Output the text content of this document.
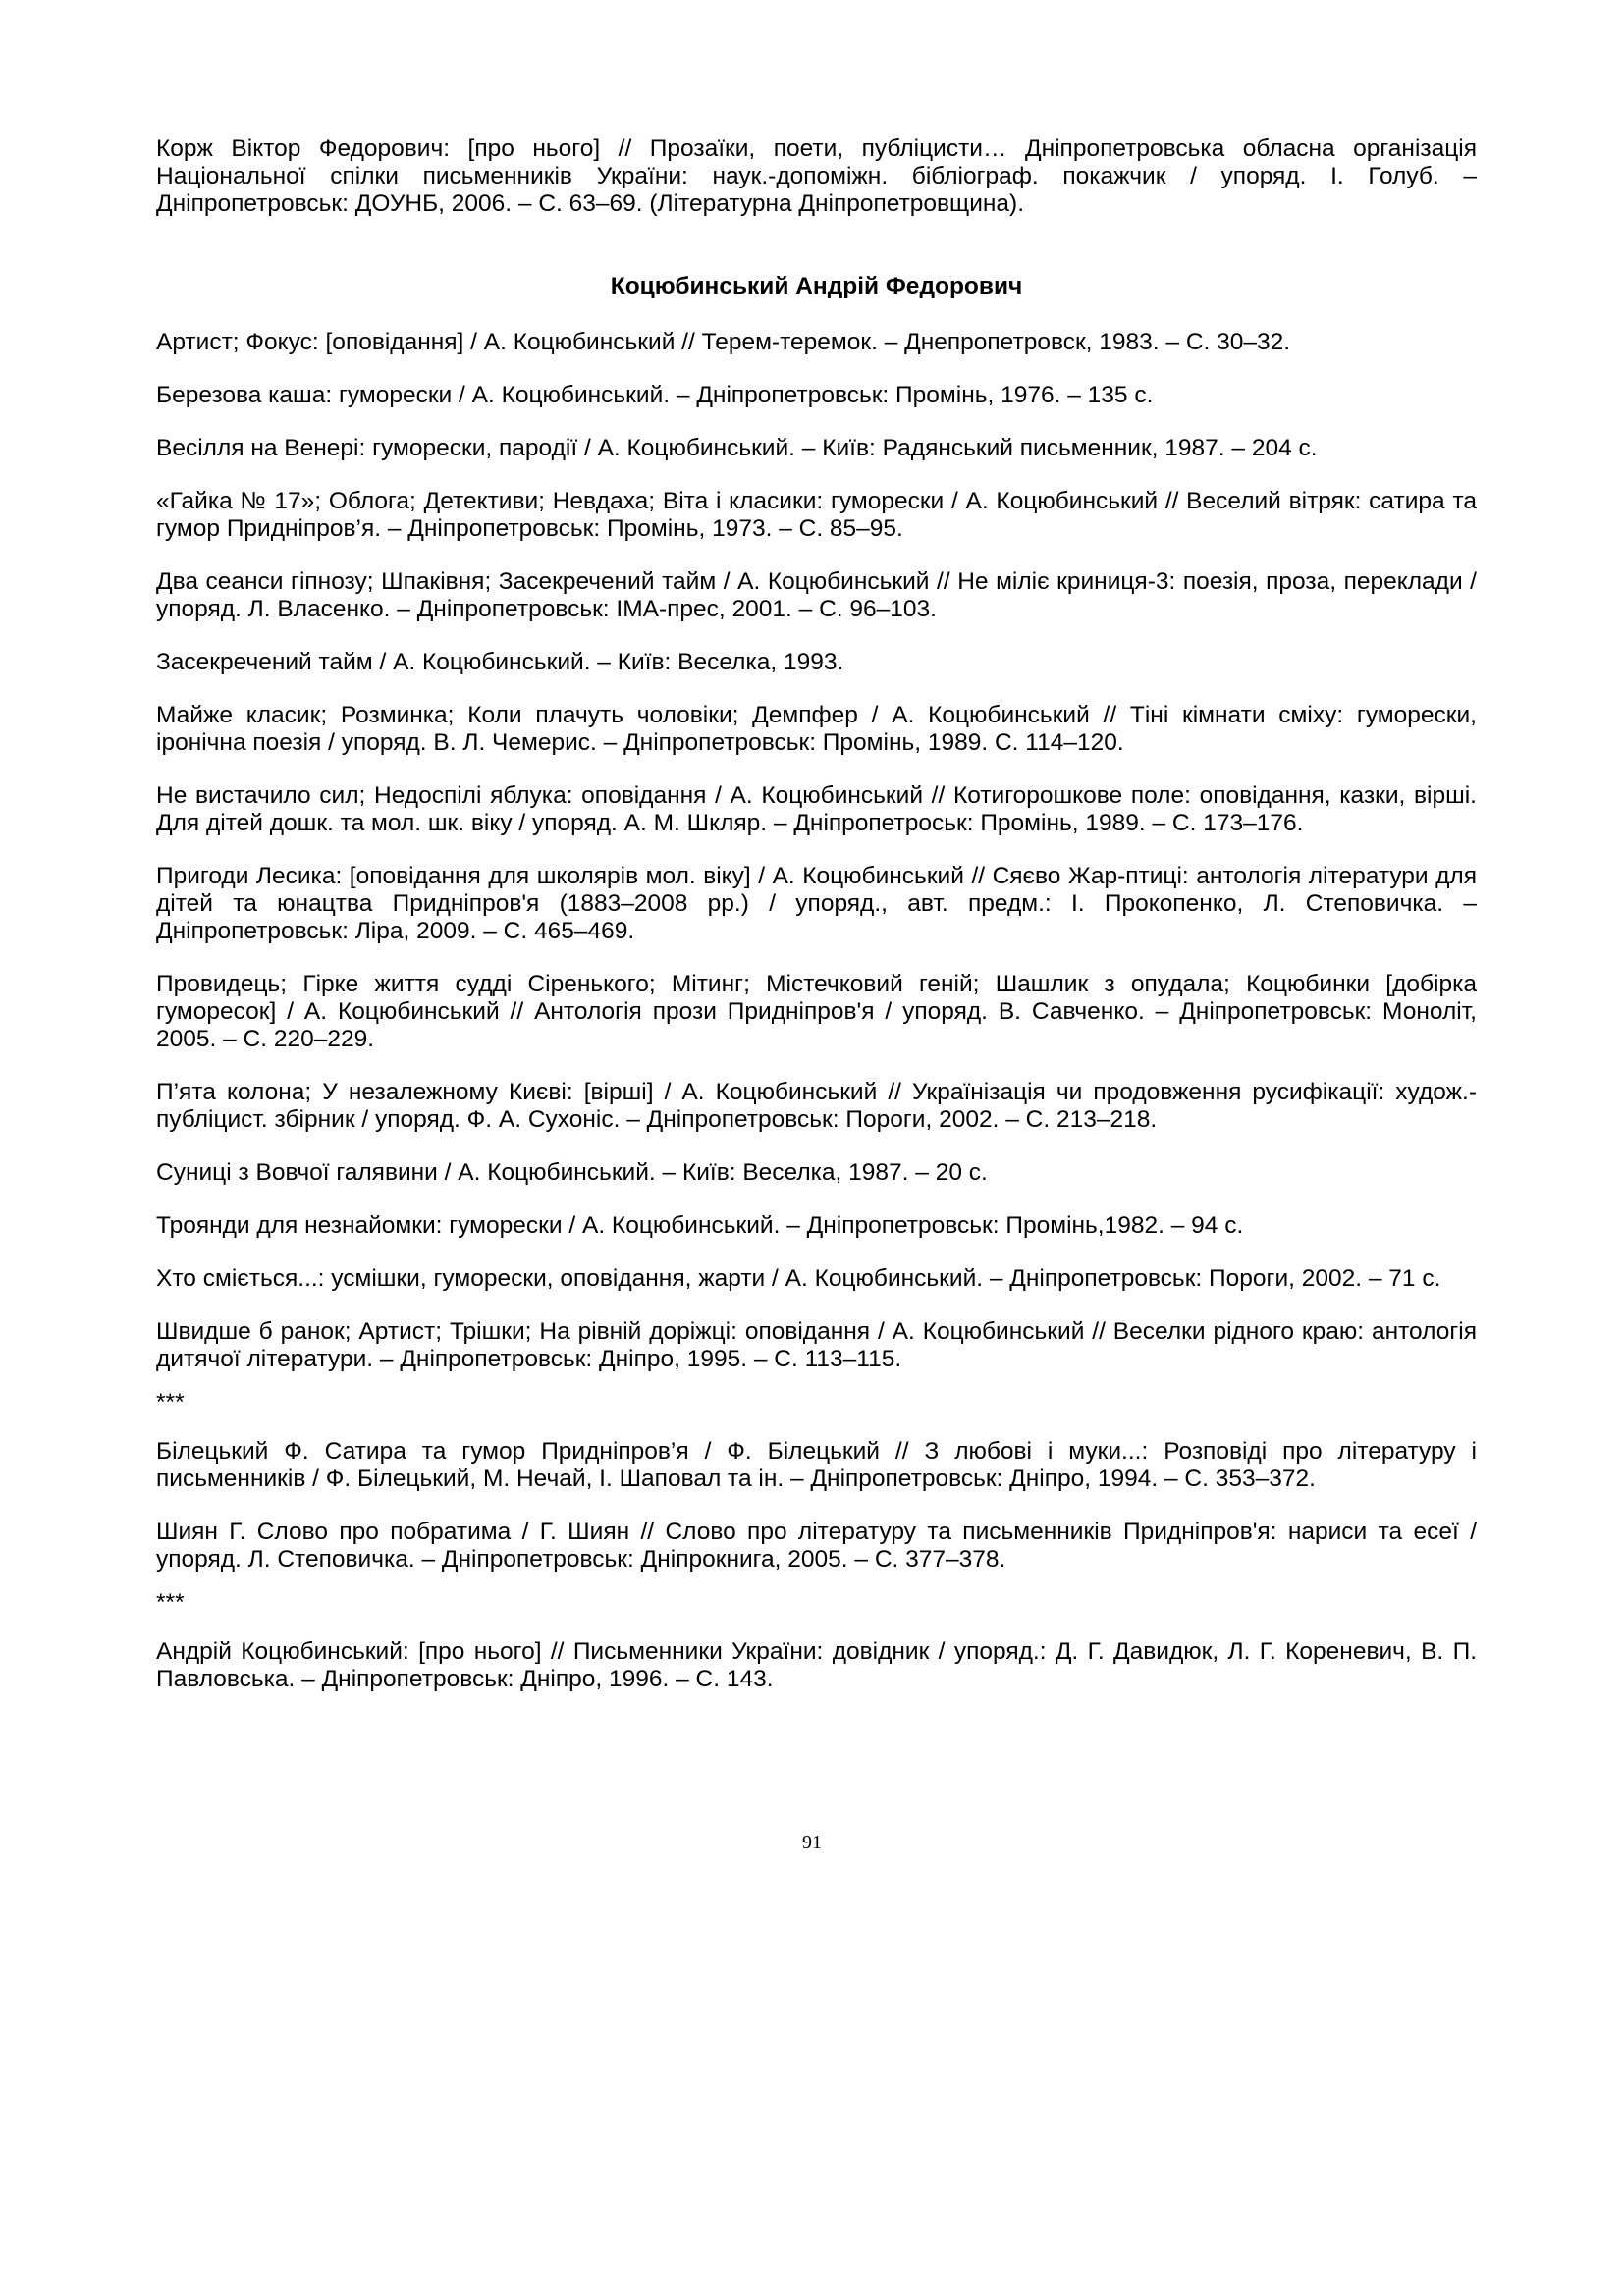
Корж Віктор Федорович: [про нього] // Прозаїки, поети, публіцисти… Дніпропетровська обласна організація Національної спілки письменників України: наук.-допоміжн. бібліограф. покажчик / упоряд. І. Голуб. – Дніпропетровськ: ДОУНБ, 2006. – С. 63–69. (Літературна Дніпропетровщина).

Коцюбинський Андрій Федорович

Артист; Фокус: [оповідання] / А. Коцюбинський // Терем-теремок. – Днепропетровск, 1983. – С. 30–32.

Березова каша: гуморески / А. Коцюбинський. – Дніпропетровськ: Промінь, 1976. – 135 с.

Весілля на Венері: гуморески, пародії / А. Коцюбинський. – Київ: Радянський письменник, 1987. – 204 с.

«Гайка № 17»; Облога; Детективи; Невдаха; Віта і класики: гуморески / А. Коцюбинський // Веселий вітряк: сатира та гумор Придніпров’я. – Дніпропетровськ: Промінь, 1973. – С. 85–95.

Два сеанси гіпнозу; Шпаківня; Засекречений тайм / А. Коцюбинський // Не міліє криниця-3: поезія, проза, переклади / упоряд. Л. Власенко. – Дніпропетровськ: ІМА-прес, 2001. – С. 96–103.

Засекречений тайм / А. Коцюбинський. – Київ: Веселка, 1993.

Майже класик; Розминка; Коли плачуть чоловіки; Демпфер / А. Коцюбинський // Тіні кімнати сміху: гуморески, іронічна поезія / упоряд. В. Л. Чемерис. – Дніпропетровськ: Промінь, 1989. С. 114–120.

Не вистачило сил; Недоспілі яблука: оповідання / А. Коцюбинський // Котигорошкове поле: оповідання, казки, вірші. Для дітей дошк. та мол. шк. віку / упоряд. А. М. Шкляр. – Дніпропетроськ: Промінь, 1989. – С. 173–176.

Пригоди Лесика: [оповідання для школярів мол. віку] / А. Коцюбинський // Сяєво Жар-птиці: антологія літератури для дітей та юнацтва Придніпров'я (1883–2008 рр.) / упоряд., авт. предм.: І. Прокопенко, Л. Степовичка. – Дніпропетровськ: Ліра, 2009. – С. 465–469.

Провидець; Гірке життя судді Сіренького; Мітинг; Містечковий геній; Шашлик з опудала; Коцюбинки [добірка гуморесок] / А. Коцюбинський // Антологія прози Придніпров'я / упоряд. В. Савченко. – Дніпропетровськ: Моноліт, 2005. – С. 220–229.

П’ята колона; У незалежному Києві: [вірші] / А. Коцюбинський // Українізація чи продовження русифікації: худож.-публіцист. збірник / упоряд. Ф. А. Сухоніс. – Дніпропетровськ: Пороги, 2002. – С. 213–218.

Суниці з Вовчої галявини / А. Коцюбинський. – Київ: Веселка, 1987. – 20 с.

Троянди для незнайомки: гуморески / А. Коцюбинський. – Дніпропетровськ: Промінь,1982. – 94 с.

Хто сміється...: усмішки, гуморески, оповідання, жарти / А. Коцюбинський. – Дніпропетровськ: Пороги, 2002. – 71 с.

Швидше б ранок; Артист; Трішки; На рівній доріжці: оповідання / А. Коцюбинський // Веселки рідного краю: антологія дитячої літератури. – Дніпропетровськ: Дніпро, 1995. – С. 113–115.

***

Білецький Ф. Сатира та гумор Придніпров’я / Ф. Білецький // З любові і муки...: Розповіді про літературу і письменників / Ф. Білецький, М. Нечай, І. Шаповал та ін. – Дніпропетровськ: Дніпро, 1994. – С. 353–372.

Шиян Г. Слово про побратима / Г. Шиян // Слово про літературу та письменників Придніпров'я: нариси та есеї / упоряд. Л. Степовичка. – Дніпропетровськ: Дніпрокнига, 2005. – С. 377–378.

***

Андрій Коцюбинський: [про нього] // Письменники України: довідник / упоряд.: Д. Г. Давидюк, Л. Г. Кореневич, В. П. Павловська. – Дніпропетровськ: Дніпро, 1996. – С. 143.

91
